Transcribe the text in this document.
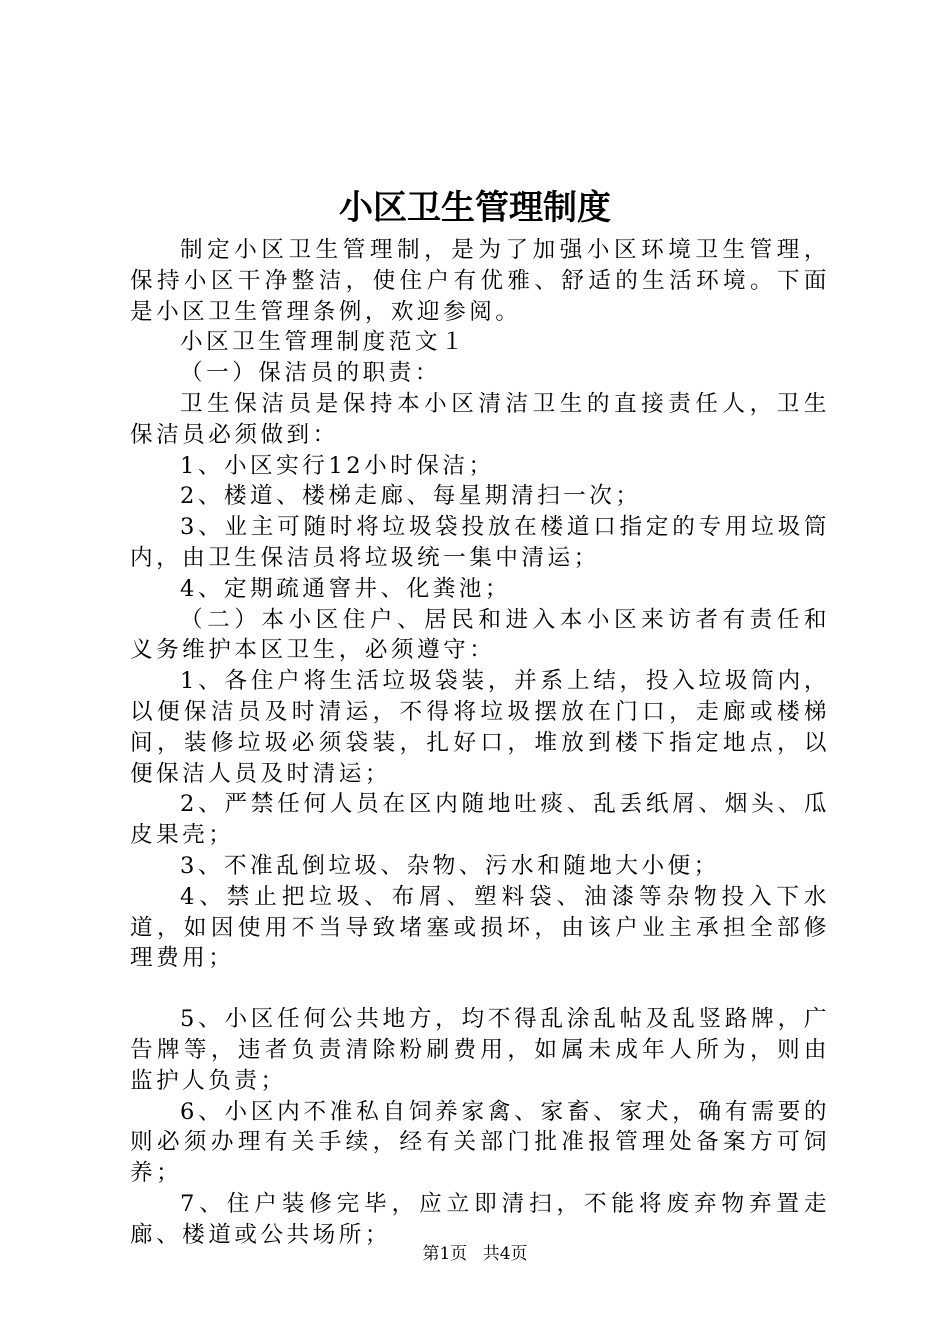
小区卫生管理制度

制定小区卫生管理制，是为了加强小区环境卫生管理，保持小区干净整洁，使住户有优雅、舒适的生活环境。下面是小区卫生管理条例，欢迎参阅。

小区卫生管理制度范文１

（一）保洁员的职责：

卫生保洁员是保持本小区清洁卫生的直接责任人，卫生保洁员必须做到：

1、小区实行12小时保洁；

2、楼道、楼梯走廊、每星期清扫一次；

3、业主可随时将垃圾袋投放在楼道口指定的专用垃圾筒内，由卫生保洁员将垃圾统一集中清运；

4、定期疏通窨井、化粪池；

（二）本小区住户、居民和进入本小区来访者有责任和义务维护本区卫生，必须遵守：

1、各住户将生活垃圾袋装，并系上结，投入垃圾筒内，以便保洁员及时清运，不得将垃圾摆放在门口，走廊或楼梯间，装修垃圾必须袋装，扎好口，堆放到楼下指定地点，以便保洁人员及时清运；

2、严禁任何人员在区内随地吐痰、乱丢纸屑、烟头、瓜皮果壳；

3、不准乱倒垃圾、杂物、污水和随地大小便；

4、禁止把垃圾、布屑、塑料袋、油漆等杂物投入下水道，如因使用不当导致堵塞或损坏，由该户业主承担全部修理费用；

5、小区任何公共地方，均不得乱涂乱帖及乱竖路牌，广告牌等，违者负责清除粉刷费用，如属未成年人所为，则由监护人负责；

6、小区内不准私自饲养家禽、家畜、家犬，确有需要的则必须办理有关手续，经有关部门批准报管理处备案方可饲养；

7、住户装修完毕，应立即清扫，不能将废弃物弃置走廊、楼道或公共场所；

第1页 共4页
